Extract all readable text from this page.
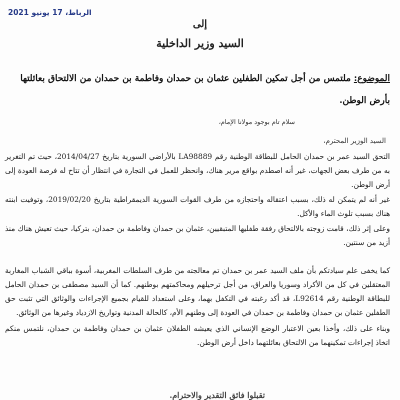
الرباط، 17 يونيو 2021
إلى
السيد وزير الداخلية
الموضوع: ملتمس من أجل تمكين الطفلين عثمان بن حمدان وفاطمة بن حمدان من الالتحاق بعائلتها بأرض الوطن.
سلام تام بوجود مولانا الإمام،
السيد الوزير المحترم،
التحق السيد عمر بن حمدان الحامل للبطاقة الوطنية رقم LA98889 بالأراضي السورية بتاريخ 2014/04/27، حيث تم التغرير به من طرف بعض الجهات، غير أنه اصطدم بواقع مرير هناك، وانحظر للعمل في التجارة في انتظار أن تتاح له فرصة العودة إلى أرض الوطن.
غير أنه لم يتمكن له ذلك، بسبب اعتقاله واحتجازه من طرف القوات السورية الديمقراطية بتاريخ 2019/02/20، وتوفيت ابنته هناك بسبب تلوث الماء والأكل.
وعلى إثر ذلك، قامت زوجته بالالتحاق رفقة طفليها المتبقيين، عثمان بن حمدان وفاطمة بن حمدان، بتركيا، حيث تعيش هناك منذ أزيد من سنتين.
كما يخفى علم سيادتكم بأن ملف السيد عمر بن حمدان تم معالجته من طرف السلطات المغربية، أسوة بباقي الشباب المغاربة المعتقلين في كل من الأكراد وسوريا والعراق، من أجل ترحيلهم ومحاكمتهم بوطنهم. كما أن السيد مصطفى بن حمدان الحامل للبطاقة الوطنية رقم L92614، قد أكد رغبته في التكفل بهما، وعلى استعداد للقيام بجميع الإجراءات والوثائق التي تثبت حق الطفلين عثمان بن حمدان وفاطمة بن حمدان في العودة إلى وطنهم الأم، كالحالة المدنية وتواريخ الازدياد وغيرها من الوثائق.
وبناء على ذلك، وأخذا بعين الاعتبار الوضع الإنساني الذي يعيشه الطفلان عثمان بن حمدان وفاطمة بن حمدان، نلتمس منكم اتخاذ إجراءات تمكينهما من الالتحاق بعائلتهما داخل أرض الوطن.
تقبلوا فائق التقدير والاحترام.
